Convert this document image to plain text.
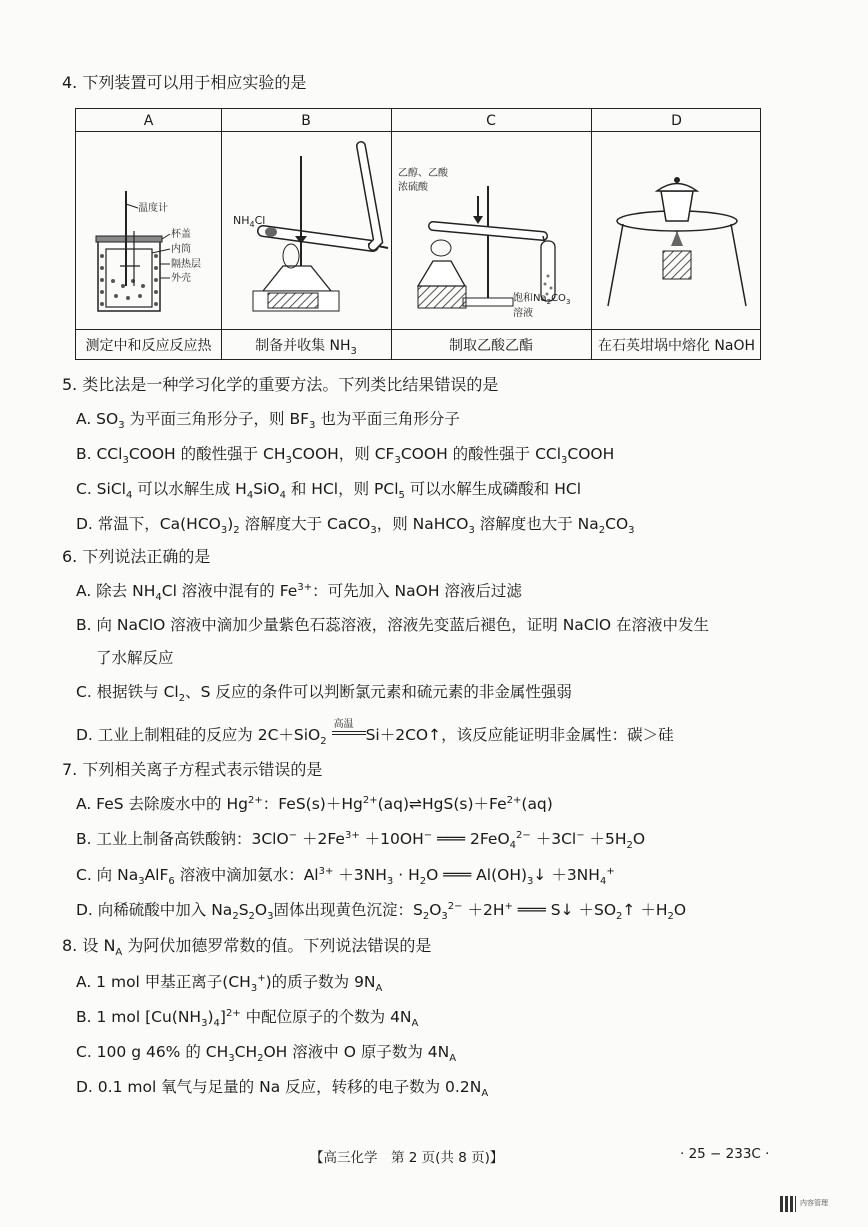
4. 下列装置可以用于相应实验的是
A	B	C	D
温度计
杯盖
内筒
隔热层
外壳
$NH_4Cl$
乙醇、乙酸
浓硫酸
饱和$Na_2CO_3$
溶液
测定中和反应反应热	制备并收集 $NH_3$	制取乙酸乙酯	在石英坩埚中熔化 NaOH
5. 类比法是一种学习化学的重要方法。下列类比结果错误的是
A. $SO_3$ 为平面三角形分子，则 $BF_3$ 也为平面三角形分子
B. CCl$_3$COOH 的酸性强于 $CH_3COOH$，则 $CF_3COOH$ 的酸性强于 CCl$_3$COOH
C. SiCl$_4$ 可以水解生成 $H_4SiO_4$ 和 HCl，则 PCl$_5$ 可以水解生成磷酸和 HCl
D. 常温下，$Ca(HCO_3)_2$ 溶解度大于 CaCO$_3$，则 NaHCO$_3$ 溶解度也大于 $Na_2CO_3$
6. 下列说法正确的是
A. 除去 $NH_4Cl$ 溶液中混有的 $Fe^{3+}$：可先加入 NaOH 溶液后过滤
B. 向 NaClO 溶液中滴加少量紫色石蕊溶液，溶液先变蓝后褪色，证明 NaClO 在溶液中发生
了水解反应
C. 根据铁与 $Cl_2$、S 反应的条件可以判断氯元素和硫元素的非金属性强弱
D. 工业上制粗硅的反应为 2C＋SiO$_2$
高温
Si＋2CO↑，该反应能证明非金属性：碳＞硅
7. 下列相关离子方程式表示错误的是
A. FeS 去除废水中的 $Hg^{2+}$：$FeS(s)+Hg^{2+}(aq)\rightleftharpoons HgS(s)+Fe^{2+}(aq)$
B. 工业上制备高铁酸钠：$3ClO^- +2Fe^{3+} +10OH^-$ ═══ $2FeO_4^{2-} +3Cl^- +5H_2O$
C. 向 $Na_3AlF_6$ 溶液中滴加氨水：$Al^{3+} +3NH_3 \cdot H_2O$ ═══ $Al(OH)_3↓ +3NH_4^+$
D. 向稀硫酸中加入 $Na_2S_2O_3$固体出现黄色沉淀：$S_2O_3^{2-} +2H^+$ ═══ S↓ $+SO_2↑ +H_2O$
8. 设 $N_A$ 为阿伏加德罗常数的值。下列说法错误的是
A. 1 mol 甲基正离子$(CH_3^+)$的质子数为 $9N_A$
B. 1 mol $[Cu(NH_3)_4]^{2+}$ 中配位原子的个数为 $4N_A$
C. 100 g 46% 的 $CH_3CH_2OH$ 溶液中 O 原子数为 $4N_A$
D. 0.1 mol 氧气与足量的 Na 反应，转移的电子数为 $0.2N_A$
【高三化学　第 2 页(共 8 页)】	· 25 − 233C ·
内容管理
